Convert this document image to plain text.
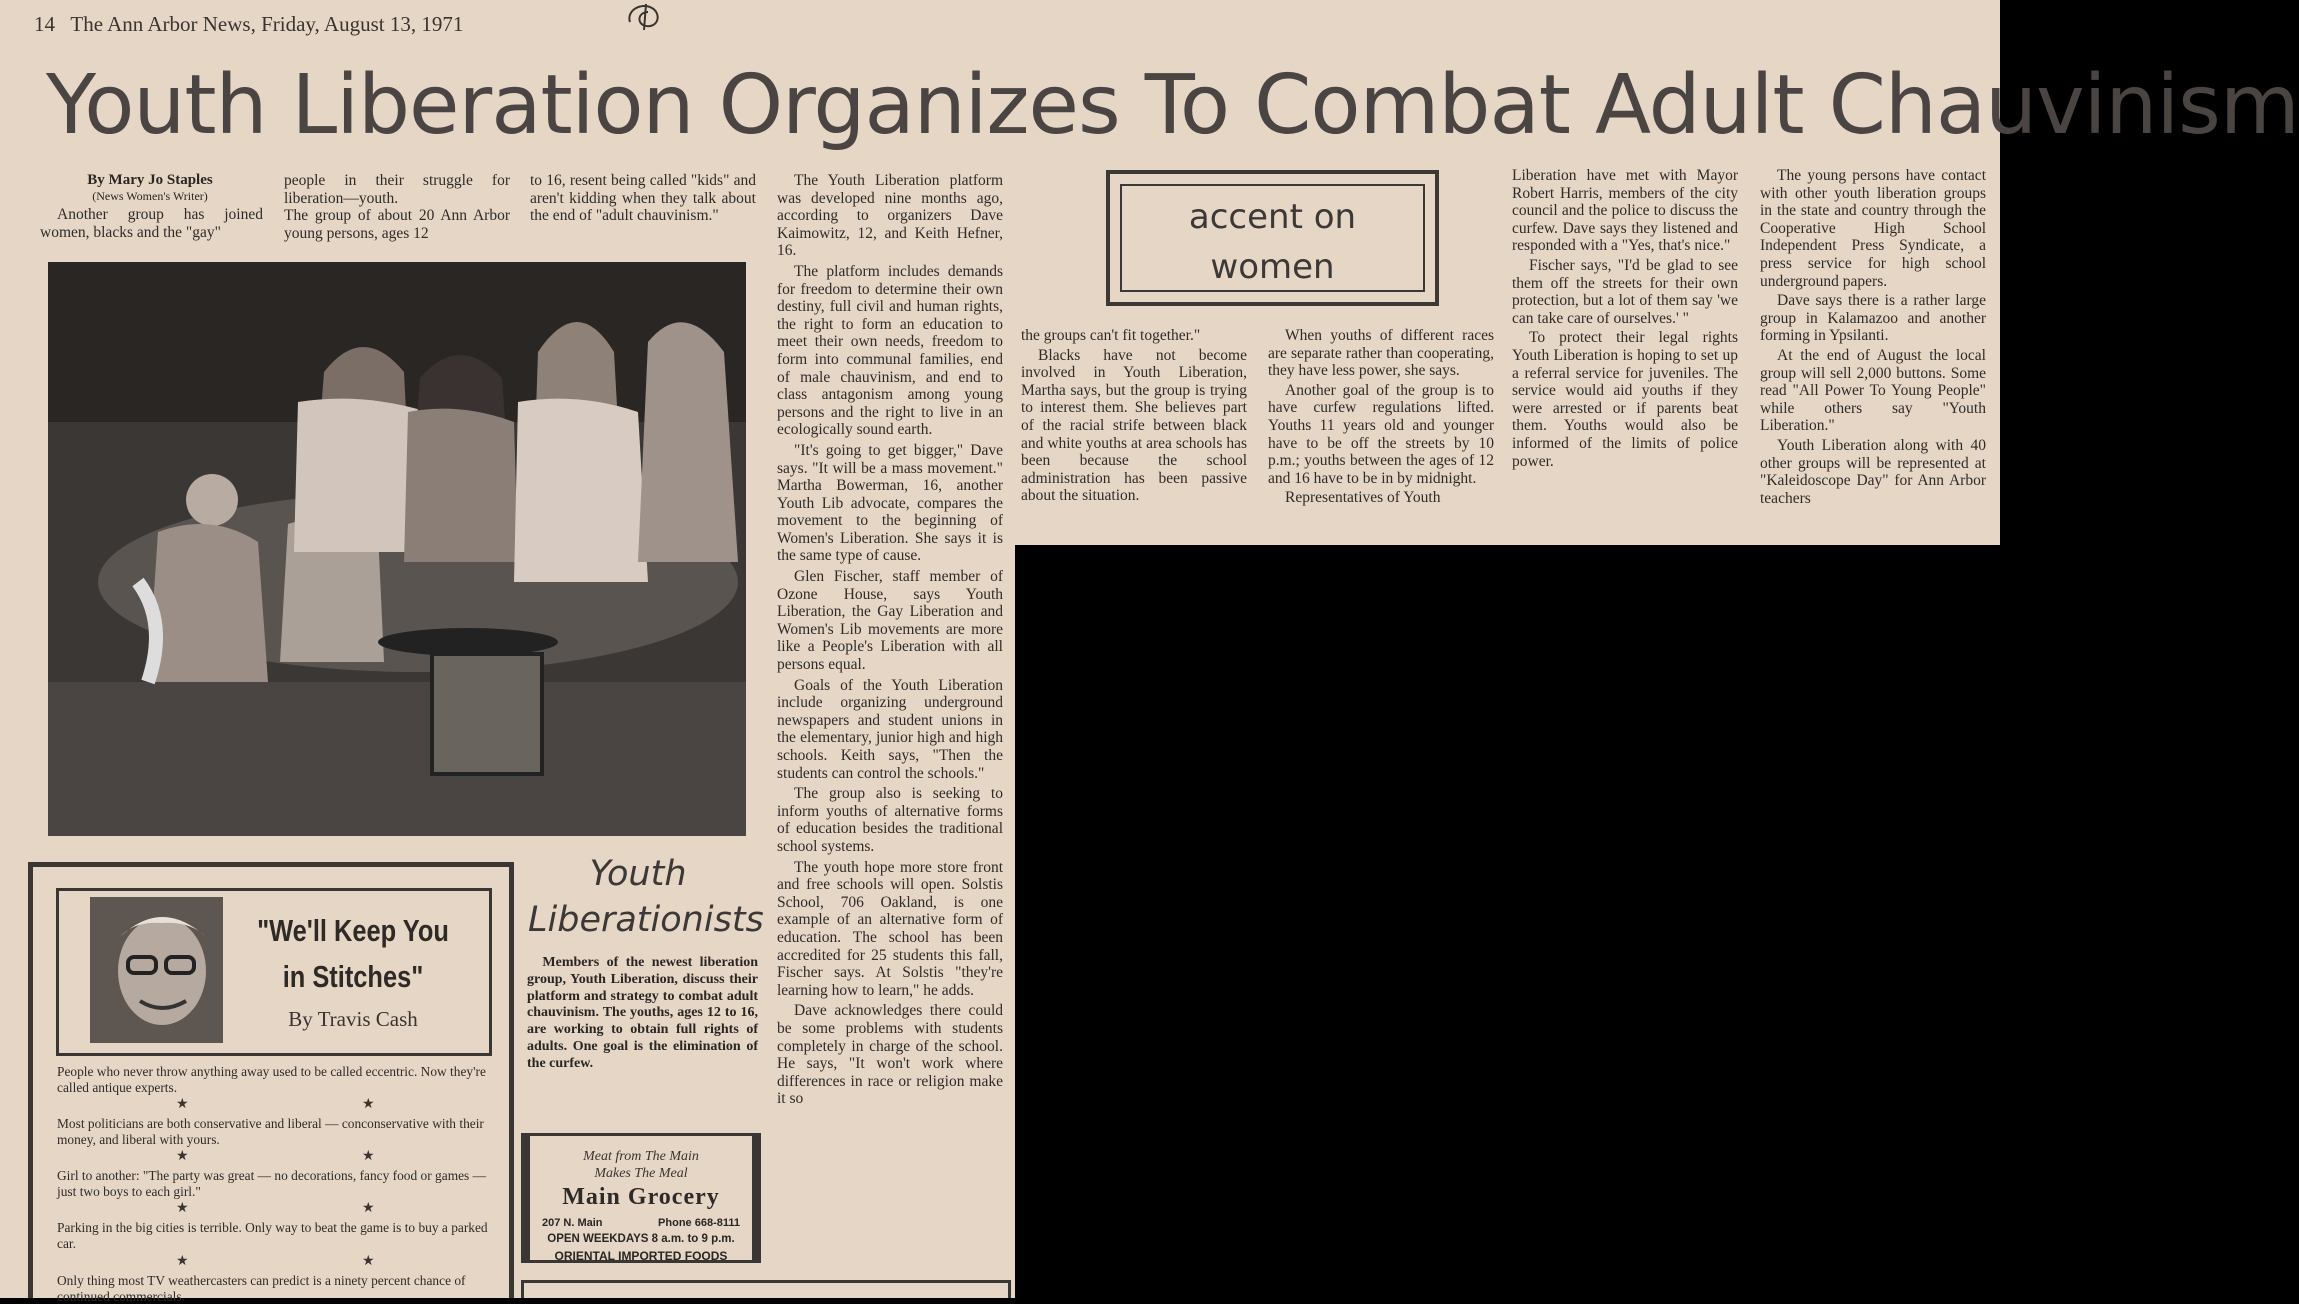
14   The Ann Arbor News, Friday, August 13, 1971
Youth Liberation Organizes To Combat Adult Chauvinism
By Mary Jo Staples
(News Women's Writer)
Another group has joined women, blacks and the "gay"
people in their struggle for liberation—youth.
The group of about 20 Ann Arbor young persons, ages 12
to 16, resent being called "kids" and aren't kidding when they talk about the end of "adult chauvinism."
The Youth Liberation platform was developed nine months ago, according to organizers Dave Kaimowitz, 12, and Keith Hefner, 16.
The platform includes demands for freedom to determine their own destiny, full civil and human rights, the right to form an education to meet their own needs, freedom to form into communal families, end of male chauvinism, and end to class antagonism among young persons and the right to live in an ecologically sound earth.
"It's going to get bigger," Dave says. "It will be a mass movement." Martha Bowerman, 16, another Youth Lib advocate, compares the movement to the beginning of Women's Liberation. She says it is the same type of cause.
Glen Fischer, staff member of Ozone House, says Youth Liberation, the Gay Liberation and Women's Lib movements are more like a People's Liberation with all persons equal.
Goals of the Youth Liberation include organizing underground newspapers and student unions in the elementary, junior high and high schools. Keith says, "Then the students can control the schools."
The group also is seeking to inform youths of alternative forms of education besides the traditional school systems.
The youth hope more store front and free schools will open. Solstis School, 706 Oakland, is one example of an alternative form of education. The school has been accredited for 25 students this fall, Fischer says. At Solstis "they're learning how to learn," he adds.
Dave acknowledges there could be some problems with students completely in charge of the school. He says, "It won't work where differences in race or religion make it so
accent on
women
the groups can't fit together."
Blacks have not become involved in Youth Liberation, Martha says, but the group is trying to interest them. She believes part of the racial strife between black and white youths at area schools has been because the school administration has been passive about the situation.
When youths of different races are separate rather than cooperating, they have less power, she says.
Another goal of the group is to have curfew regulations lifted. Youths 11 years old and younger have to be off the streets by 10 p.m.; youths between the ages of 12 and 16 have to be in by midnight.
Representatives of Youth
Liberation have met with Mayor Robert Harris, members of the city council and the police to discuss the curfew. Dave says they listened and responded with a "Yes, that's nice."
Fischer says, "I'd be glad to see them off the streets for their own protection, but a lot of them say 'we can take care of ourselves.' "
To protect their legal rights Youth Liberation is hoping to set up a referral service for juveniles. The service would aid youths if they were arrested or if parents beat them. Youths would also be informed of the limits of police power.
The young persons have contact with other youth liberation groups in the state and country through the Cooperative High School Independent Press Syndicate, a press service for high school underground papers.
Dave says there is a rather large group in Kalamazoo and another forming in Ypsilanti.
At the end of August the local group will sell 2,000 buttons. Some read "All Power To Young People" while others say "Youth Liberation."
Youth Liberation along with 40 other groups will be represented at "Kaleidoscope Day" for Ann Arbor teachers
"We'll Keep You
in Stitches"
By Travis Cash
People who never throw anything away used to be called eccentric. Now they're called antique experts.
★	★
Most politicians are both conservative and liberal — conconservative with their money, and liberal with yours.
★	★
Girl to another: "The party was great — no decorations, fancy food or games — just two boys to each girl."
★	★
Parking in the big cities is terrible. Only way to beat the game is to buy a parked car.
★	★
Only thing most TV weathercasters can predict is a ninety percent chance of continued commercials.
Youth
Liberationists
Members of the newest liberation group, Youth Liberation, discuss their platform and strategy to combat adult chauvinism. The youths, ages 12 to 16, are working to obtain full rights of adults. One goal is the elimination of the curfew.
Meat from The Main
Makes The Meal
Main Grocery
207 N. Main	Phone 668-8111
OPEN WEEKDAYS 8 a.m. to 9 p.m.
ORIENTAL IMPORTED FOODS
